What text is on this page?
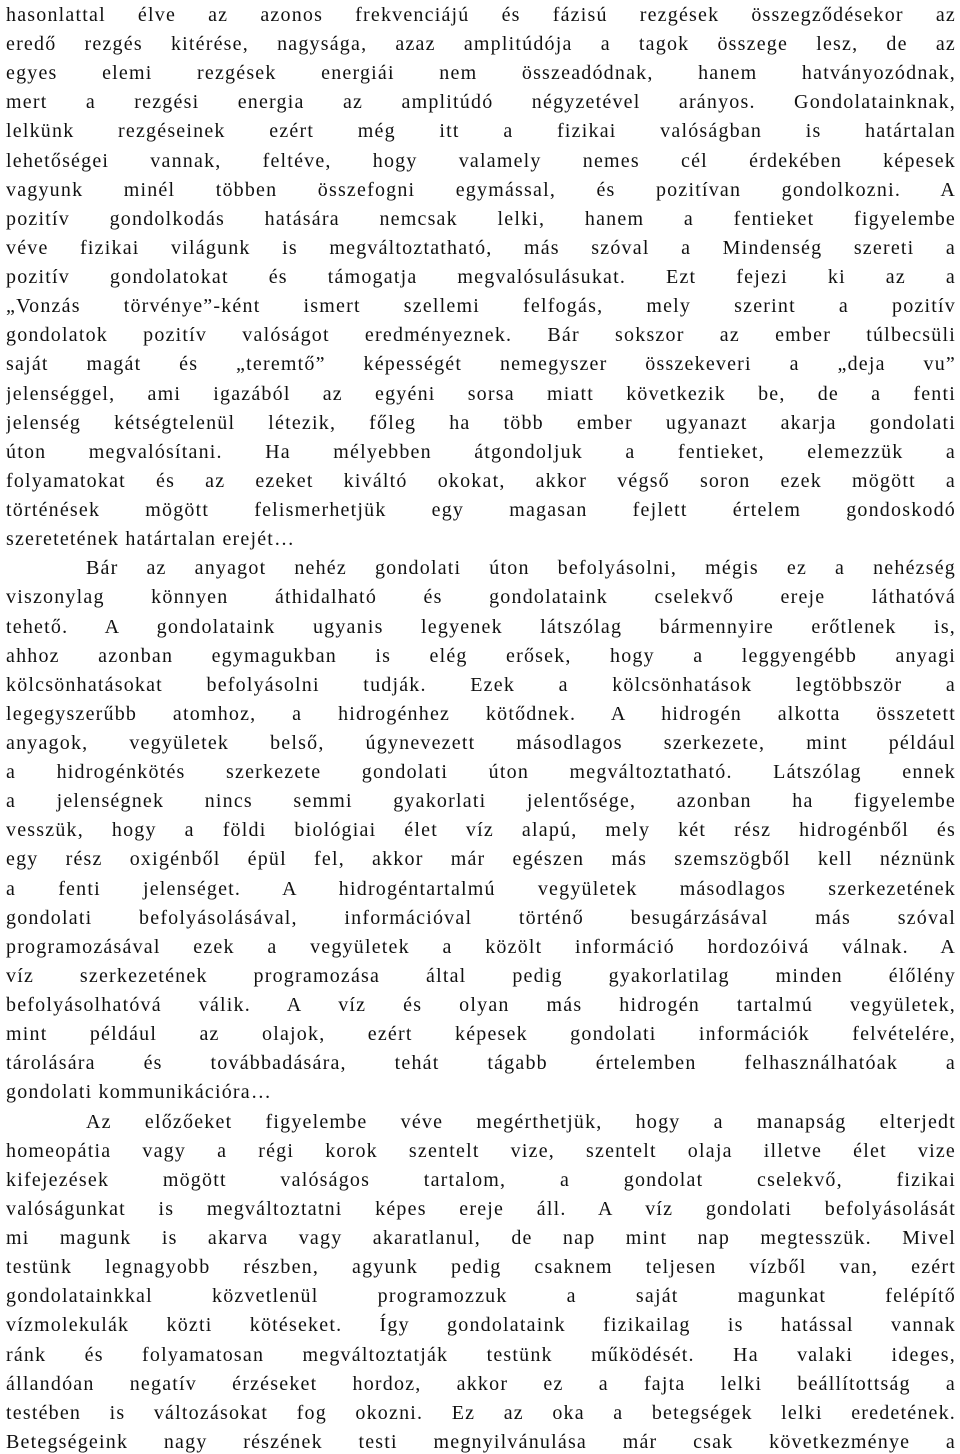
hasonlattal élve az azonos frekvenciájú és fázisú rezgések összegződésekor az
eredő rezgés kitérése, nagysága, azaz amplitúdója a tagok összege lesz, de az
egyes elemi rezgések energiái nem összeadódnak, hanem hatványozódnak,
mert a rezgési energia az amplitúdó négyzetével arányos. Gondolatainknak,
lelkünk rezgéseinek ezért még itt a fizikai valóságban is határtalan
lehetőségei vannak, feltéve, hogy valamely nemes cél érdekében képesek
vagyunk minél többen összefogni egymással, és pozitívan gondolkozni. A
pozitív gondolkodás hatására nemcsak lelki, hanem a fentieket figyelembe
véve fizikai világunk is megváltoztatható, más szóval a Mindenség szereti a
pozitív gondolatokat és támogatja megvalósulásukat. Ezt fejezi ki az a
„Vonzás törvénye”-ként ismert szellemi felfogás, mely szerint a pozitív
gondolatok pozitív valóságot eredményeznek. Bár sokszor az ember túlbecsüli
saját magát és „teremtő” képességét nemegyszer összekeveri a „deja vu”
jelenséggel, ami igazából az egyéni sorsa miatt következik be, de a fenti
jelenség kétségtelenül létezik, főleg ha több ember ugyanazt akarja gondolati
úton megvalósítani. Ha mélyebben átgondoljuk a fentieket, elemezzük a
folyamatokat és az ezeket kiváltó okokat, akkor végső soron ezek mögött a
történések mögött felismerhetjük egy magasan fejlett értelem gondoskodó
szeretetének határtalan erejét…
Bár az anyagot nehéz gondolati úton befolyásolni, mégis ez a nehézség
viszonylag könnyen áthidalható és gondolataink cselekvő ereje láthatóvá
tehető. A gondolataink ugyanis legyenek látszólag bármennyire erőtlenek is,
ahhoz azonban egymagukban is elég erősek, hogy a leggyengébb anyagi
kölcsönhatásokat befolyásolni tudják. Ezek a kölcsönhatások legtöbbször a
legegyszerűbb atomhoz, a hidrogénhez kötődnek. A hidrogén alkotta összetett
anyagok, vegyületek belső, úgynevezett másodlagos szerkezete, mint például
a hidrogénkötés szerkezete gondolati úton megváltoztatható. Látszólag ennek
a jelenségnek nincs semmi gyakorlati jelentősége, azonban ha figyelembe
vesszük, hogy a földi biológiai élet víz alapú, mely két rész hidrogénből és
egy rész oxigénből épül fel, akkor már egészen más szemszögből kell néznünk
a fenti jelenséget. A hidrogéntartalmú vegyületek másodlagos szerkezetének
gondolati befolyásolásával, információval történő besugárzásával más szóval
programozásával ezek a vegyületek a közölt információ hordozóivá válnak. A
víz szerkezetének programozása által pedig gyakorlatilag minden élőlény
befolyásolhatóvá válik. A víz és olyan más hidrogén tartalmú vegyületek,
mint például az olajok, ezért képesek gondolati információk felvételére,
tárolására és továbbadására, tehát tágabb értelemben felhasználhatóak a
gondolati kommunikációra…
Az előzőeket figyelembe véve megérthetjük, hogy a manapság elterjedt
homeopátia vagy a régi korok szentelt vize, szentelt olaja illetve élet vize
kifejezések mögött valóságos tartalom, a gondolat cselekvő, fizikai
valóságunkat is megváltoztatni képes ereje áll. A víz gondolati befolyásolását
mi magunk is akarva vagy akaratlanul, de nap mint nap megtesszük. Mivel
testünk legnagyobb részben, agyunk pedig csaknem teljesen vízből van, ezért
gondolatainkkal közvetlenül programozzuk a saját magunkat felépítő
vízmolekulák közti kötéseket. Így gondolataink fizikailag is hatással vannak
ránk és folyamatosan megváltoztatják testünk működését. Ha valaki ideges,
állandóan negatív érzéseket hordoz, akkor ez a fajta lelki beállítottság a
testében is változásokat fog okozni. Ez az oka a betegségek lelki eredetének.
Betegségeink nagy részének testi megnyilvánulása már csak következménye a
